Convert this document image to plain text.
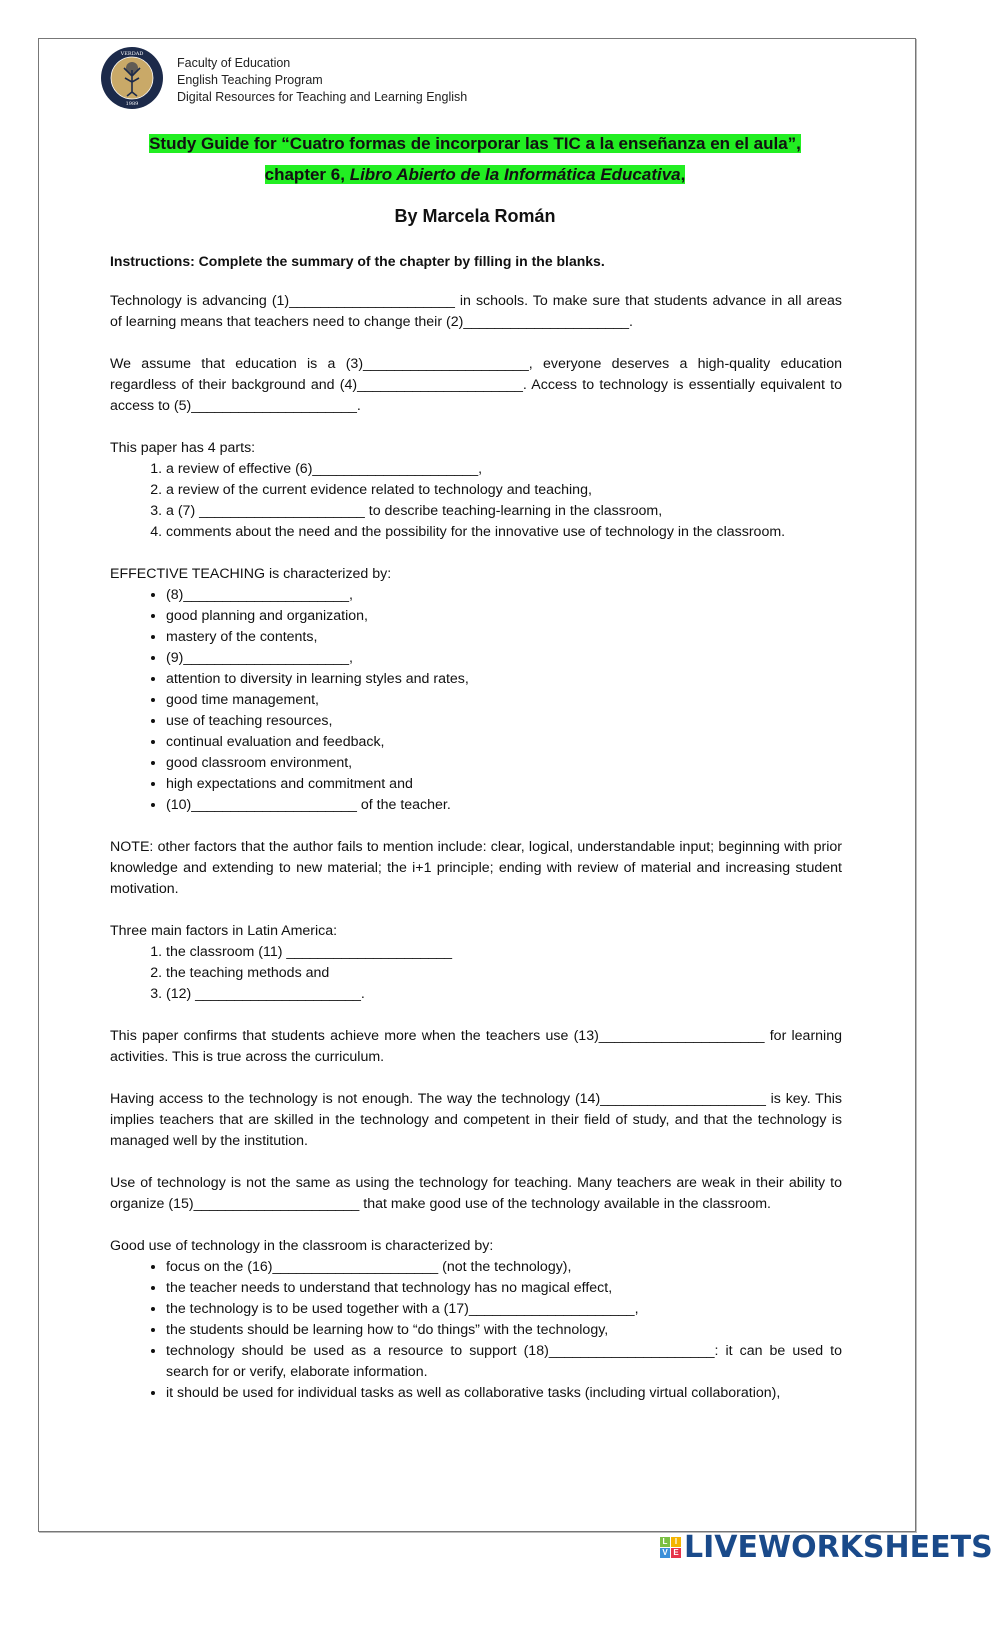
VERDAD
1989
Faculty of Education
English Teaching Program
Digital Resources for Teaching and Learning English
Study Guide for “Cuatro formas de incorporar las TIC a la enseñanza en el aula”,
chapter 6, Libro Abierto de la Informática Educativa,
By Marcela Román
Instructions: Complete the summary of the chapter by filling in the blanks.

Technology is advancing (1)_____________________ in schools. To make sure that students advance in all areas of learning means that teachers need to change their (2)_____________________.

We assume that education is a (3)_____________________, everyone deserves a high-quality education regardless of their background and (4)_____________________. Access to technology is essentially equivalent to access to (5)_____________________.

This paper has 4 parts:
1. a review of effective (6)_____________________,
2. a review of the current evidence related to technology and teaching,
3. a (7) _____________________ to describe teaching-learning in the classroom,
4. comments about the need and the possibility for the innovative use of technology in the classroom.
EFFECTIVE TEACHING is characterized by:
• (8)_____________________,
• good planning and organization,
• mastery of the contents,
• (9)_____________________,
• attention to diversity in learning styles and rates,
• good time management,
• use of teaching resources,
• continual evaluation and feedback,
• good classroom environment,
• high expectations and commitment and
• (10)_____________________ of the teacher.

NOTE: other factors that the author fails to mention include: clear, logical, understandable input; beginning with prior knowledge and extending to new material; the i+1 principle; ending with review of material and increasing student motivation.

Three main factors in Latin America:
1. the classroom (11) _____________________
2. the teaching methods and
3. (12) _____________________.

This paper confirms that students achieve more when the teachers use (13)_____________________ for learning activities. This is true across the curriculum.

Having access to the technology is not enough. The way the technology (14)_____________________ is key. This implies teachers that are skilled in the technology and competent in their field of study, and that the technology is managed well by the institution.

Use of technology is not the same as using the technology for teaching. Many teachers are weak in their ability to organize (15)_____________________ that make good use of the technology available in the classroom.

Good use of technology in the classroom is characterized by:
• focus on the (16)_____________________ (not the technology),
• the teacher needs to understand that technology has no magical effect,
• the technology is to be used together with a (17)_____________________,
• the students should be learning how to “do things” with the technology,
• technology should be used as a resource to support (18)_____________________: it can be used to search for or verify, elaborate information.
• it should be used for individual tasks as well as collaborative tasks (including virtual collaboration),
L I
V E LIVEWORKSHEETS
